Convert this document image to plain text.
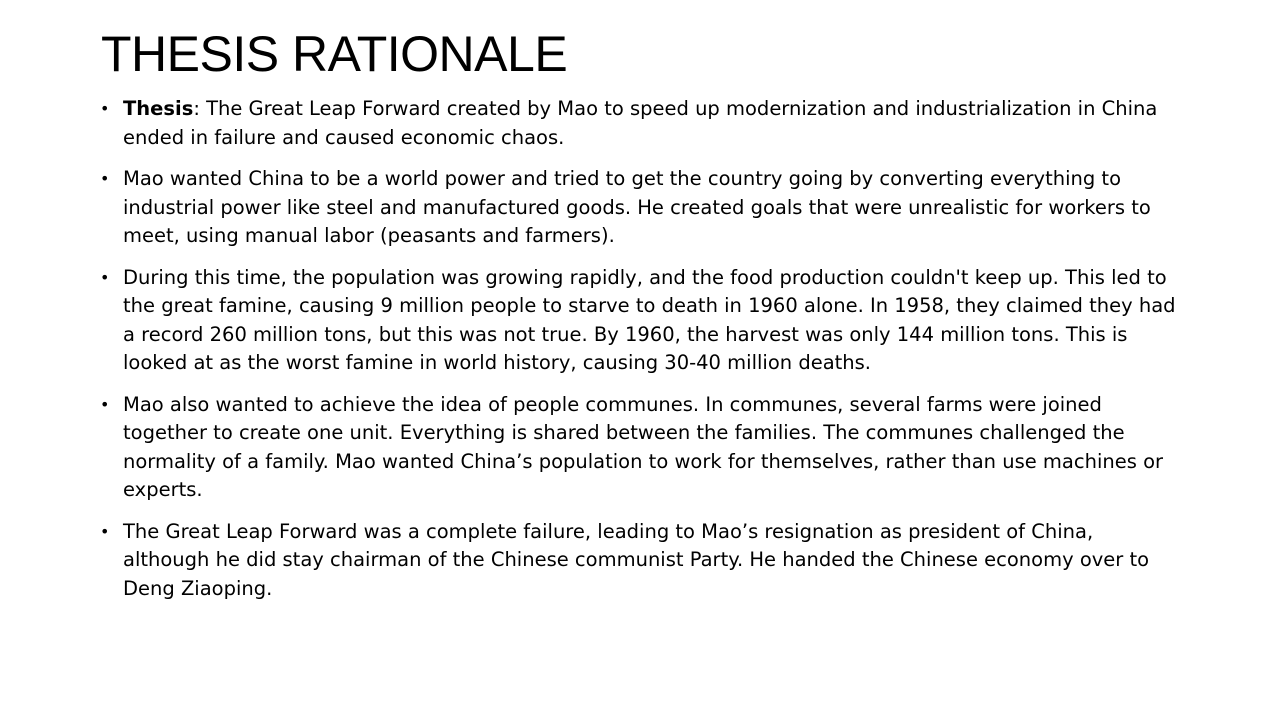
THESIS RATIONALE
• Thesis: The Great Leap Forward created by Mao to speed up modernization and industrialization in China ended in failure and caused economic chaos.
• Mao wanted China to be a world power and tried to get the country going by converting everything to industrial power like steel and manufactured goods. He created goals that were unrealistic for workers to meet, using manual labor (peasants and farmers).
• During this time, the population was growing rapidly, and the food production couldn't keep up. This led to the great famine, causing 9 million people to starve to death in 1960 alone. In 1958, they claimed they had a record 260 million tons, but this was not true. By 1960, the harvest was only 144 million tons. This is looked at as the worst famine in world history, causing 30-40 million deaths.
• Mao also wanted to achieve the idea of people communes. In communes, several farms were joined together to create one unit. Everything is shared between the families. The communes challenged the normality of a family. Mao wanted China’s population to work for themselves, rather than use machines or experts.
• The Great Leap Forward was a complete failure, leading to Mao’s resignation as president of China, although he did stay chairman of the Chinese communist Party. He handed the Chinese economy over to Deng Ziaoping.
